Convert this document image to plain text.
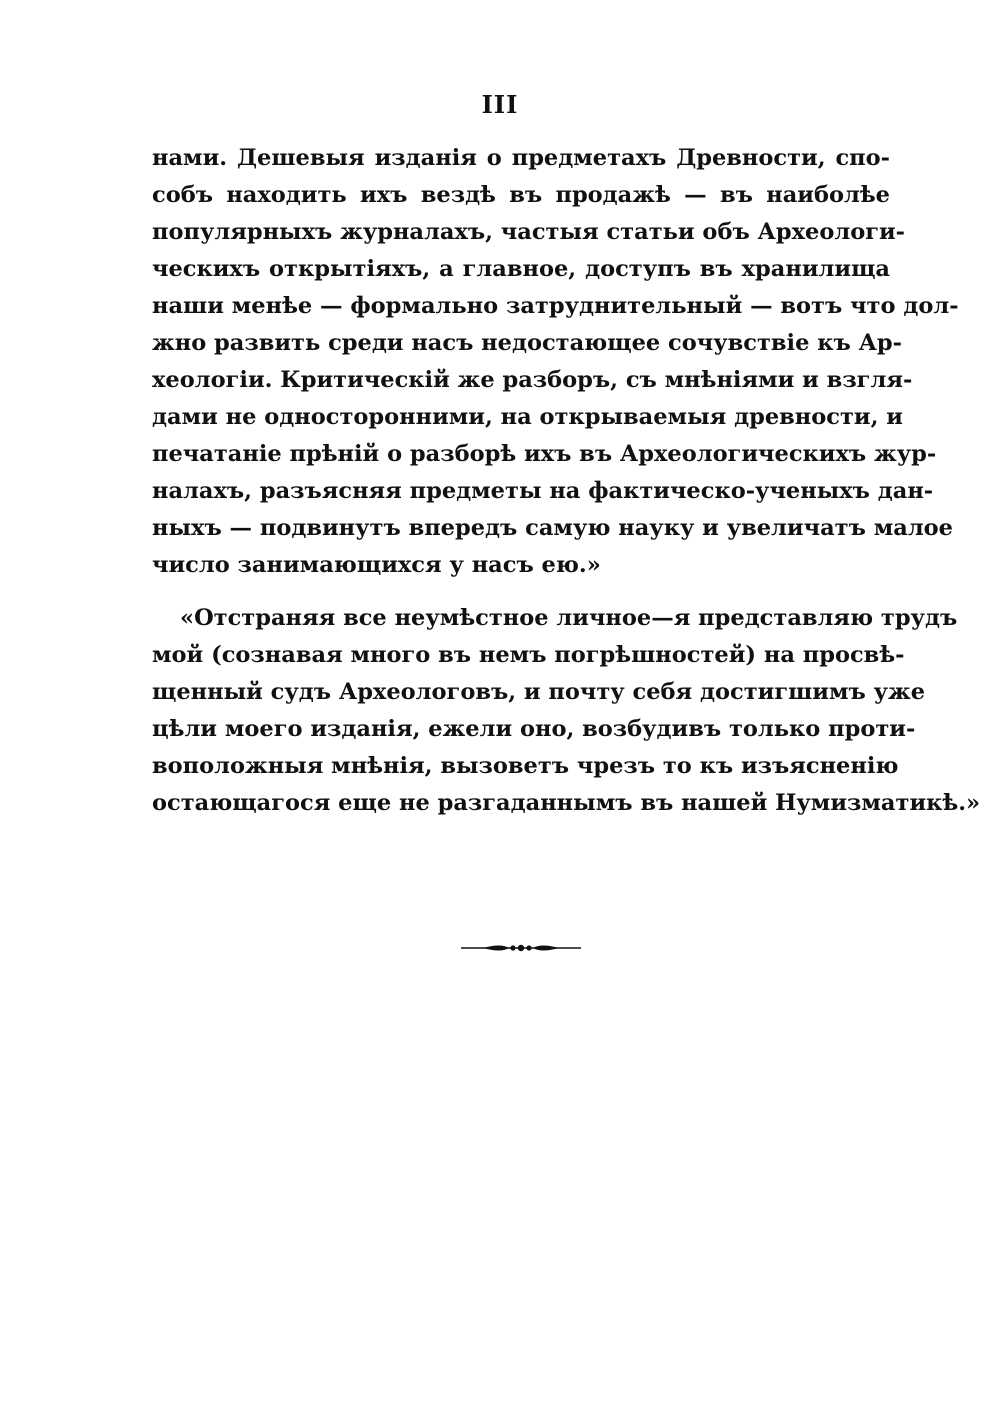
III
нами. Дешевыя изданія о предметахъ Древности, спо-
собъ находить ихъ вездѣ въ продажѣ — въ наиболѣе
популярныхъ журналахъ, частыя статьи объ Археологи-
ческихъ открытіяхъ, а главное, доступъ въ хранилища
наши менѣе — формально затруднительный — вотъ что дол-
жно развить среди насъ недостающее сочувствіе къ Ар-
хеологіи. Критическій же разборъ, съ мнѣніями и взгля-
дами не односторонними, на открываемыя древности, и
печатаніе прѣній о разборѣ ихъ въ Археологическихъ жур-
налахъ, разъясняя предметы на фактическо-ученыхъ дан-
ныхъ — подвинутъ впередъ самую науку и увеличатъ малое
число занимающихся у насъ ею.»
«Отстраняя все неумѣстное личное—я представляю трудъ
мой (сознавая много въ немъ погрѣшностей) на просвѣ-
щенный судъ Археологовъ, и почту себя достигшимъ уже
цѣли моего изданія, ежели оно, возбудивъ только проти-
воположныя мнѣнія, вызоветъ чрезъ то къ изъясненію
остающагося еще не разгаданнымъ въ нашей Нумизматикѣ.»
